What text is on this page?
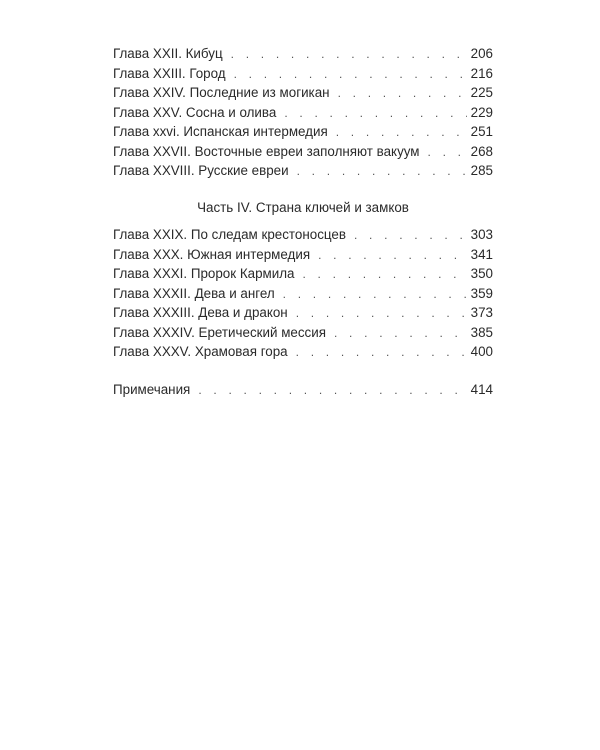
Глава XXII. Кибуц . . .	206
Глава XXIII. Город . . .	216
Глава XXIV. Последние из могикан . . .	225
Глава XXV. Сосна и олива . . .	229
Глава xxvi. Испанская интермедия . . .	251
Глава XXVII. Восточные евреи заполняют вакуум . . .	268
Глава XXVIII. Русские евреи . . .	285
Часть IV. Страна ключей и замков
Глава XXIX. По следам крестоносцев . . .	303
Глава XXX. Южная интермедия . . .	341
Глава XXXI. Пророк Кармила . . .	350
Глава XXXII. Дева и ангел . . .	359
Глава XXXIII. Дева и дракон . . .	373
Глава XXXIV. Еретический мессия . . .	385
Глава XXXV. Храмовая гора . . .	400
Примечания . . .	414
